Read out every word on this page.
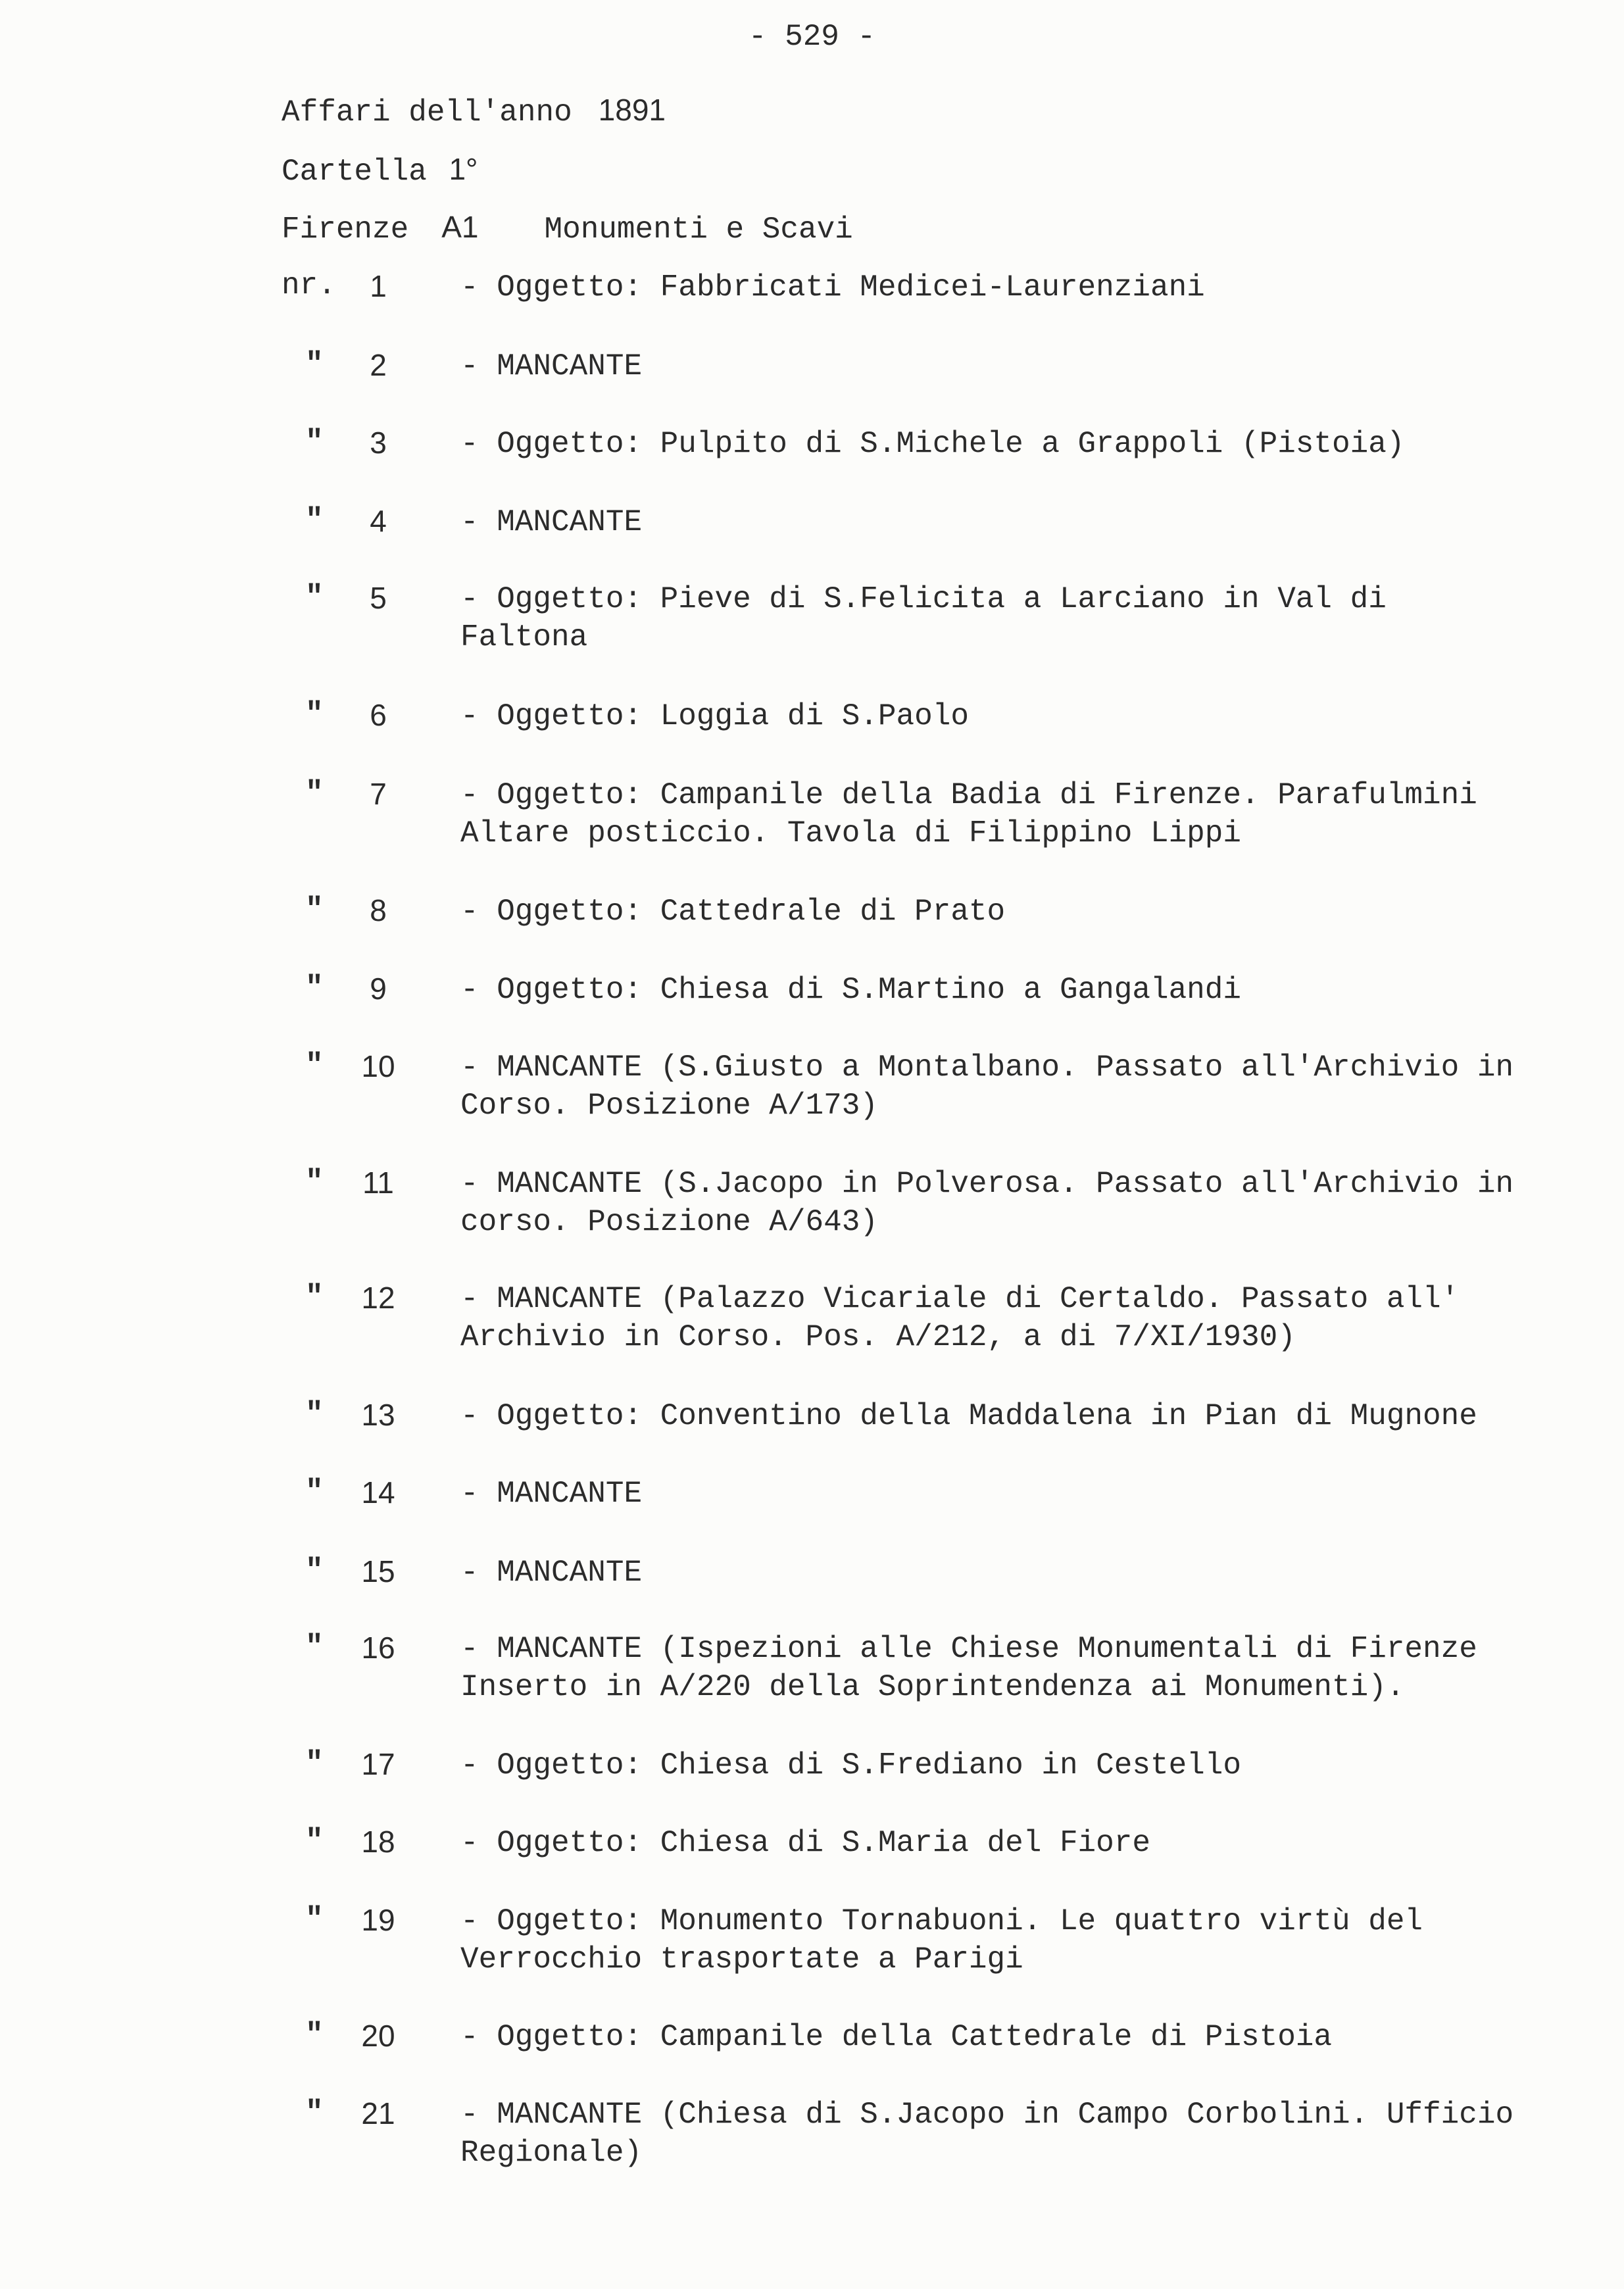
- 529 -
Affari dell'anno 1891
Cartella 1°
Firenze A1 Monumenti e Scavi
nr.	1	- Oggetto: Fabbricati Medicei-Laurenziani
"	2	- MANCANTE
"	3	- Oggetto: Pulpito di S.Michele a Grappoli (Pistoia)
"	4	- MANCANTE
"	5	- Oggetto: Pieve di S.Felicita a Larciano in Val di Faltona
"	6	- Oggetto: Loggia di S.Paolo
"	7	- Oggetto: Campanile della Badia di Firenze. Parafulmini Altare posticcio. Tavola di Filippino Lippi
"	8	- Oggetto: Cattedrale di Prato
"	9	- Oggetto: Chiesa di S.Martino a Gangalandi
"	10	- MANCANTE (S.Giusto a Montalbano. Passato all'Archivio in Corso. Posizione A/173)
"	11	- MANCANTE (S.Jacopo in Polverosa. Passato all'Archivio in corso. Posizione A/643)
"	12	- MANCANTE (Palazzo Vicariale di Certaldo. Passato all' Archivio in Corso. Pos. A/212, a di 7/XI/1930)
"	13	- Oggetto: Conventino della Maddalena in Pian di Mugnone
"	14	- MANCANTE
"	15	- MANCANTE
"	16	- MANCANTE (Ispezioni alle Chiese Monumentali di Firenze Inserto in A/220 della Soprintendenza ai Monumenti).
"	17	- Oggetto: Chiesa di S.Frediano in Cestello
"	18	- Oggetto: Chiesa di S.Maria del Fiore
"	19	- Oggetto: Monumento Tornabuoni. Le quattro virtù del Verrocchio trasportate a Parigi
"	20	- Oggetto: Campanile della Cattedrale di Pistoia
"	21	- MANCANTE (Chiesa di S.Jacopo in Campo Corbolini. Ufficio Regionale)
